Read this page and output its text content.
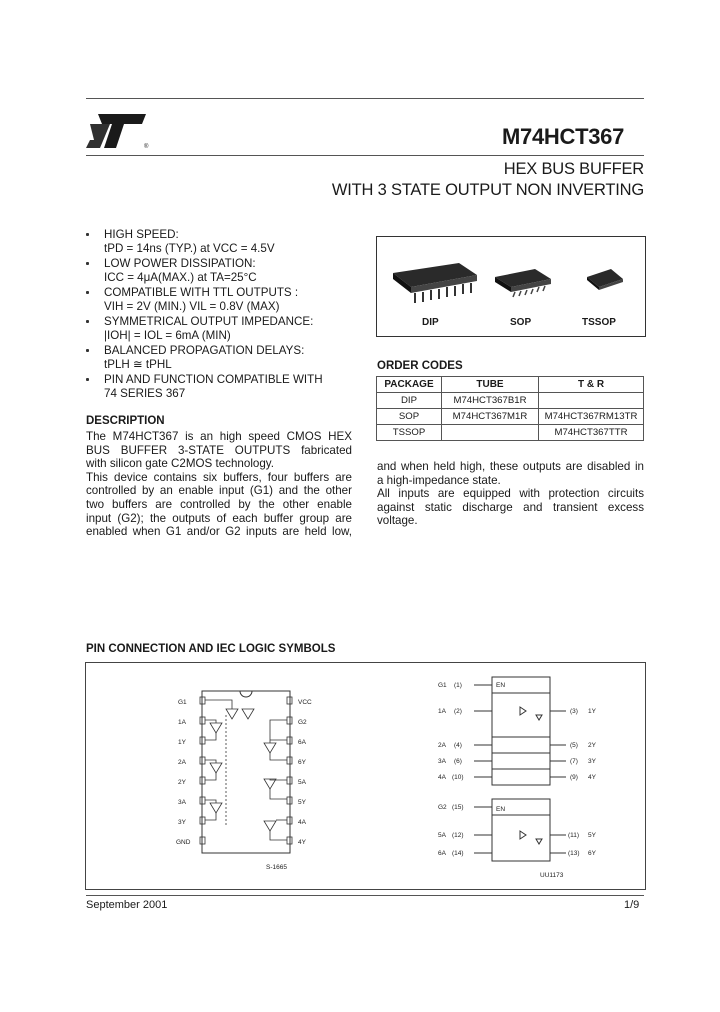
®	M74HCT367
HEX BUS BUFFER
WITH 3 STATE OUTPUT NON INVERTING
HIGH SPEED:
tPD = 14ns (TYP.) at VCC = 4.5V
LOW POWER DISSIPATION:
ICC = 4μA(MAX.) at TA=25°C
COMPATIBLE WITH TTL OUTPUTS :
VIH = 2V (MIN.) VIL = 0.8V (MAX)
SYMMETRICAL OUTPUT IMPEDANCE:
|IOH| = IOL = 6mA (MIN)
BALANCED PROPAGATION DELAYS:
tPLH ≅ tPHL
PIN AND FUNCTION COMPATIBLE WITH
74 SERIES 367
DIP	SOP	TSSOP
ORDER CODES
PACKAGE	TUBE	T & R
DIP	M74HCT367B1R	
SOP	M74HCT367M1R	M74HCT367RM13TR
TSSOP		M74HCT367TTR
DESCRIPTION
The M74HCT367 is an high speed CMOS HEX
BUS BUFFER 3-STATE OUTPUTS fabricated
with silicon gate C2MOS technology.
This device contains six buffers, four buffers are
controlled by an enable input (G1) and the other
two buffers are controlled by the other enable
input (G2); the outputs of each buffer group are
enabled when G1 and/or G2 inputs are held low,
and when held high, these outputs are disabled in
a high-impedance state.
All inputs are equipped with protection circuits
against static discharge and transient excess
voltage.
PIN CONNECTION AND IEC LOGIC SYMBOLS
G1
1A
1Y
2A
2Y
3A
3Y
GND
VCC
G2
6A
6Y
5A
5Y
4A
4Y
S-1665
EN
EN
(1)
G1
(2)
1A
(4)
2A
(6)
3A
(10)
4A
(3) 1Y
(5) 2Y
(7) 3Y
(9) 4Y
(15)
G2
(12)
5A
(14)
6A
(11) 5Y
(13) 6Y
UU1173
September 2001	1/9
